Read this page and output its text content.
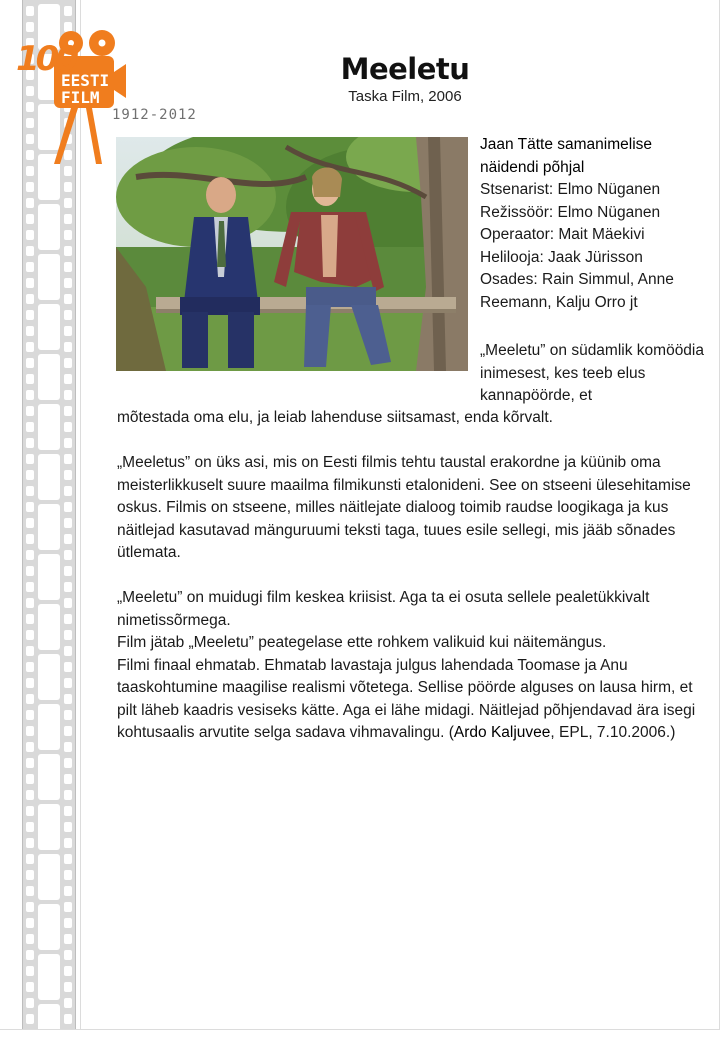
100
EESTI
FILM
1912-2012
Meeletu
Taska Film, 2006
Jaan Tätte samanimelise
näidendi põhjal
Stsenarist: Elmo Nüganen
Režissöör: Elmo Nüganen
Operaator: Mait Mäekivi
Helilooja: Jaak Jürisson
Osades: Rain Simmul, Anne
Reemann, Kalju Orro jt
„Meeletu” on südamlik komöödia inimesest, kes teeb elus kannapöörde, et
mõtestada oma elu, ja leiab lahenduse siitsamast, enda kõrvalt.
„Meeletus” on üks asi, mis on Eesti filmis tehtu taustal erakordne ja küünib oma meisterlikkuselt suure maailma filmikunsti etalonideni. See on stseeni ülesehitamise oskus. Filmis on stseene, milles näitlejate dialoog toimib raudse loogikaga ja kus näitlejad kasutavad mänguruumi teksti taga, tuues esile sellegi, mis jääb sõnades ütlemata.
„Meeletu” on muidugi film keskea kriisist. Aga ta ei osuta sellele pealetükkivalt nimetissõrmega.
Film jätab „Meeletu” peategelase ette rohkem valikuid kui näitemängus.
Filmi finaal ehmatab. Ehmatab lavastaja julgus lahendada Toomase ja Anu taaskohtumine maagilise realismi võtetega. Sellise pöörde alguses on lausa hirm, et pilt läheb kaadris vesiseks kätte. Aga ei lähe midagi. Näitlejad põhjendavad ära isegi kohtusaalis arvutite selga sadava vihmavalingu. (Ardo Kaljuvee, EPL, 7.10.2006.)
